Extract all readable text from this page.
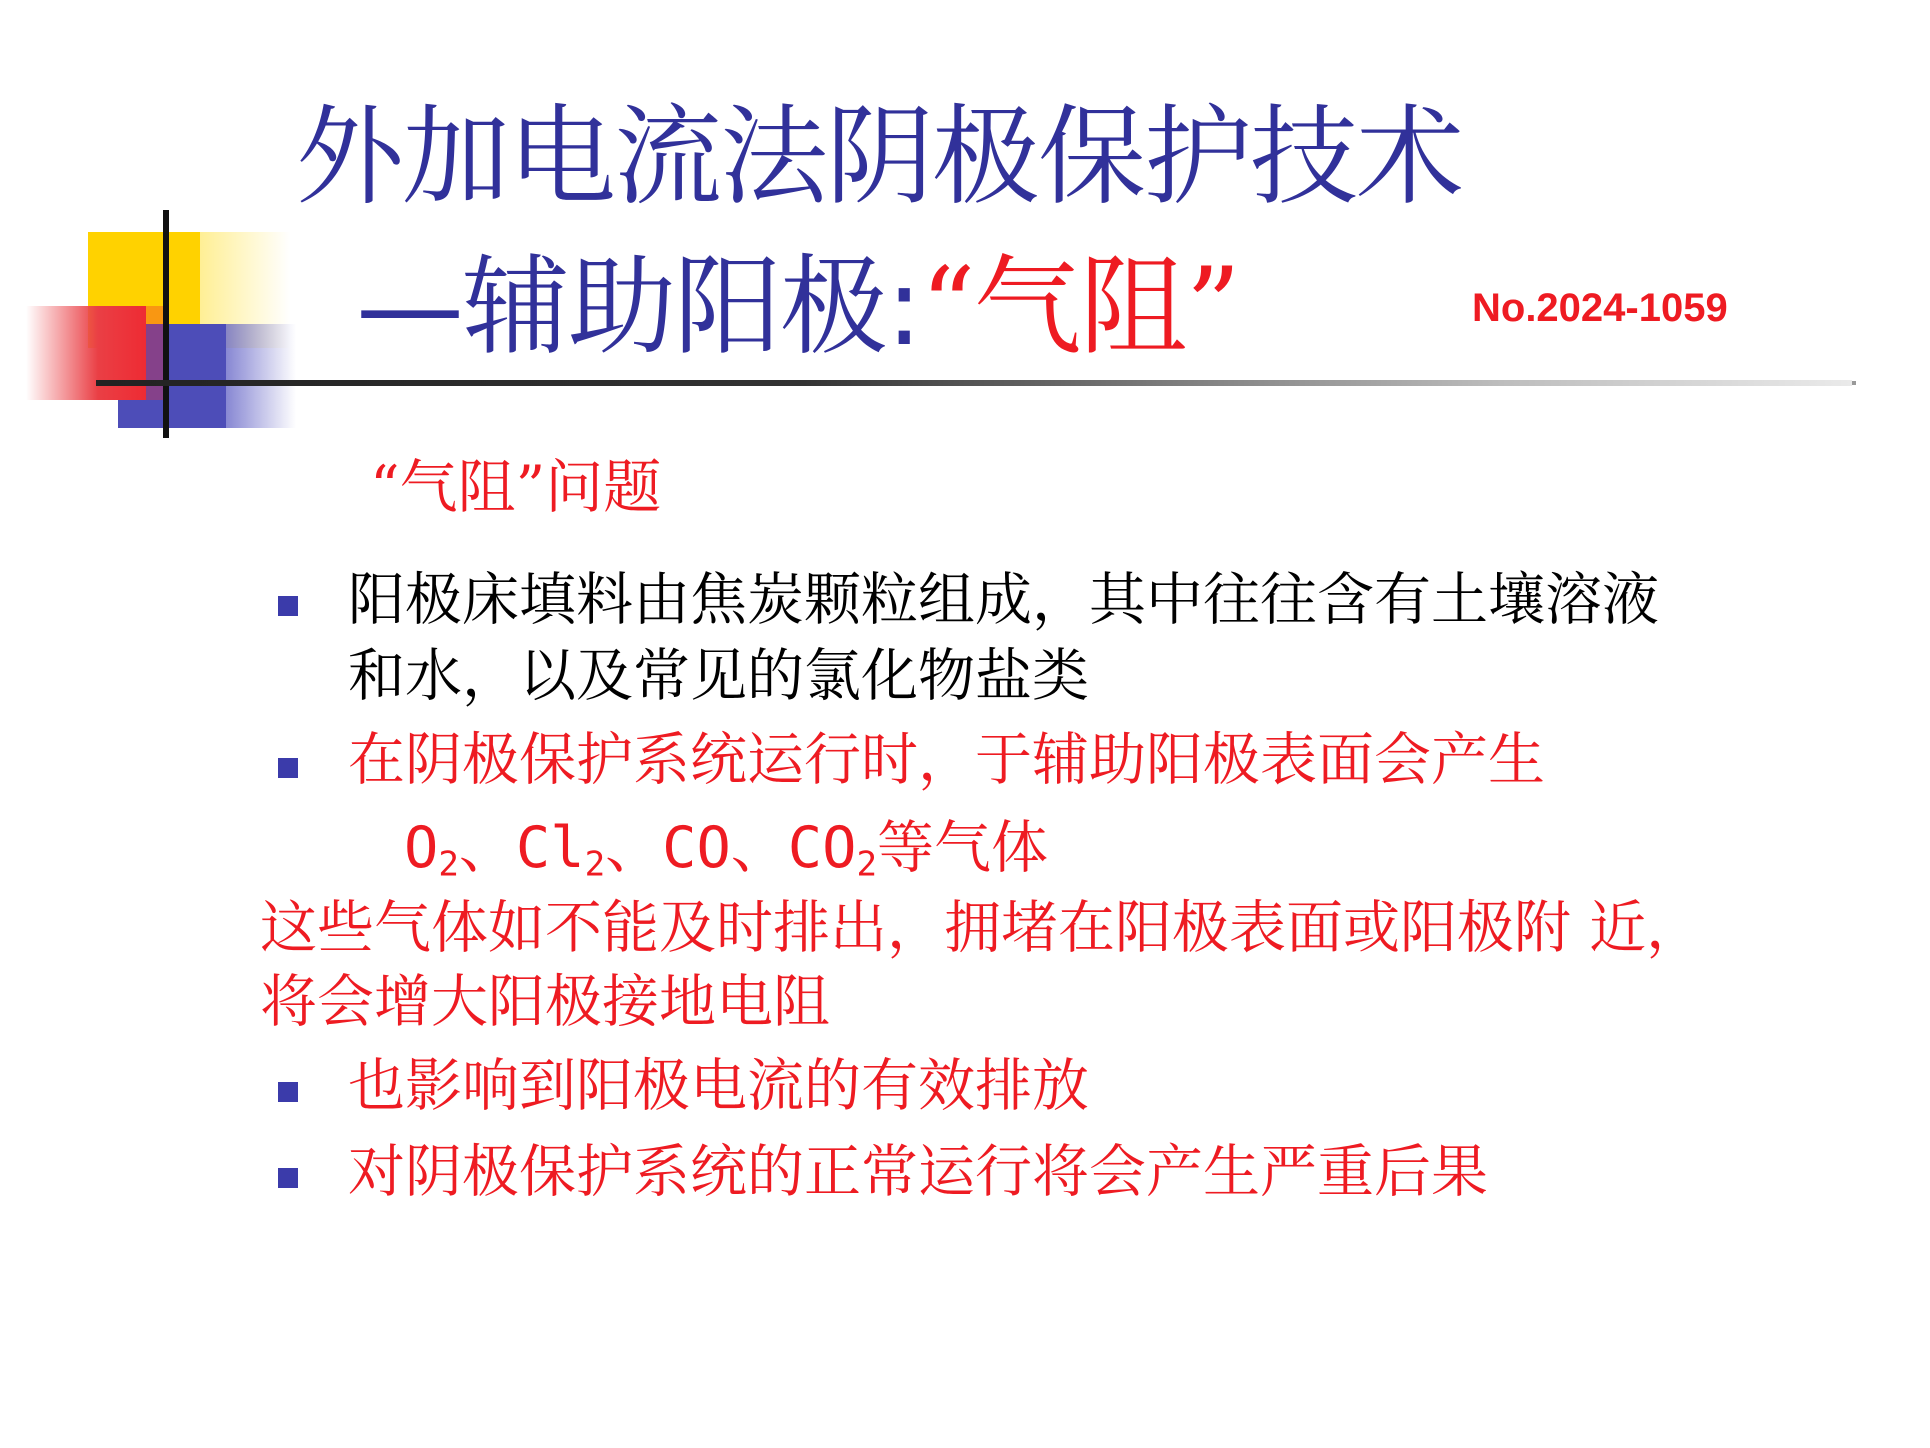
外加电流法阴极保护技术
—辅助阳极:“气阻”	No.2024-1059
“气阻”问题
阳极床填料由焦炭颗粒组成，其中往往含有土壤溶液
和水，以及常见的氯化物盐类
在阴极保护系统运行时，于辅助阳极表面会产生
$O_2$、$Cl_2$、CO、$CO_2$等气体
这些气体如不能及时排出，拥堵在阳极表面或阳极附 近，
将会增大阳极接地电阻
也影响到阳极电流的有效排放
对阴极保护系统的正常运行将会产生严重后果
